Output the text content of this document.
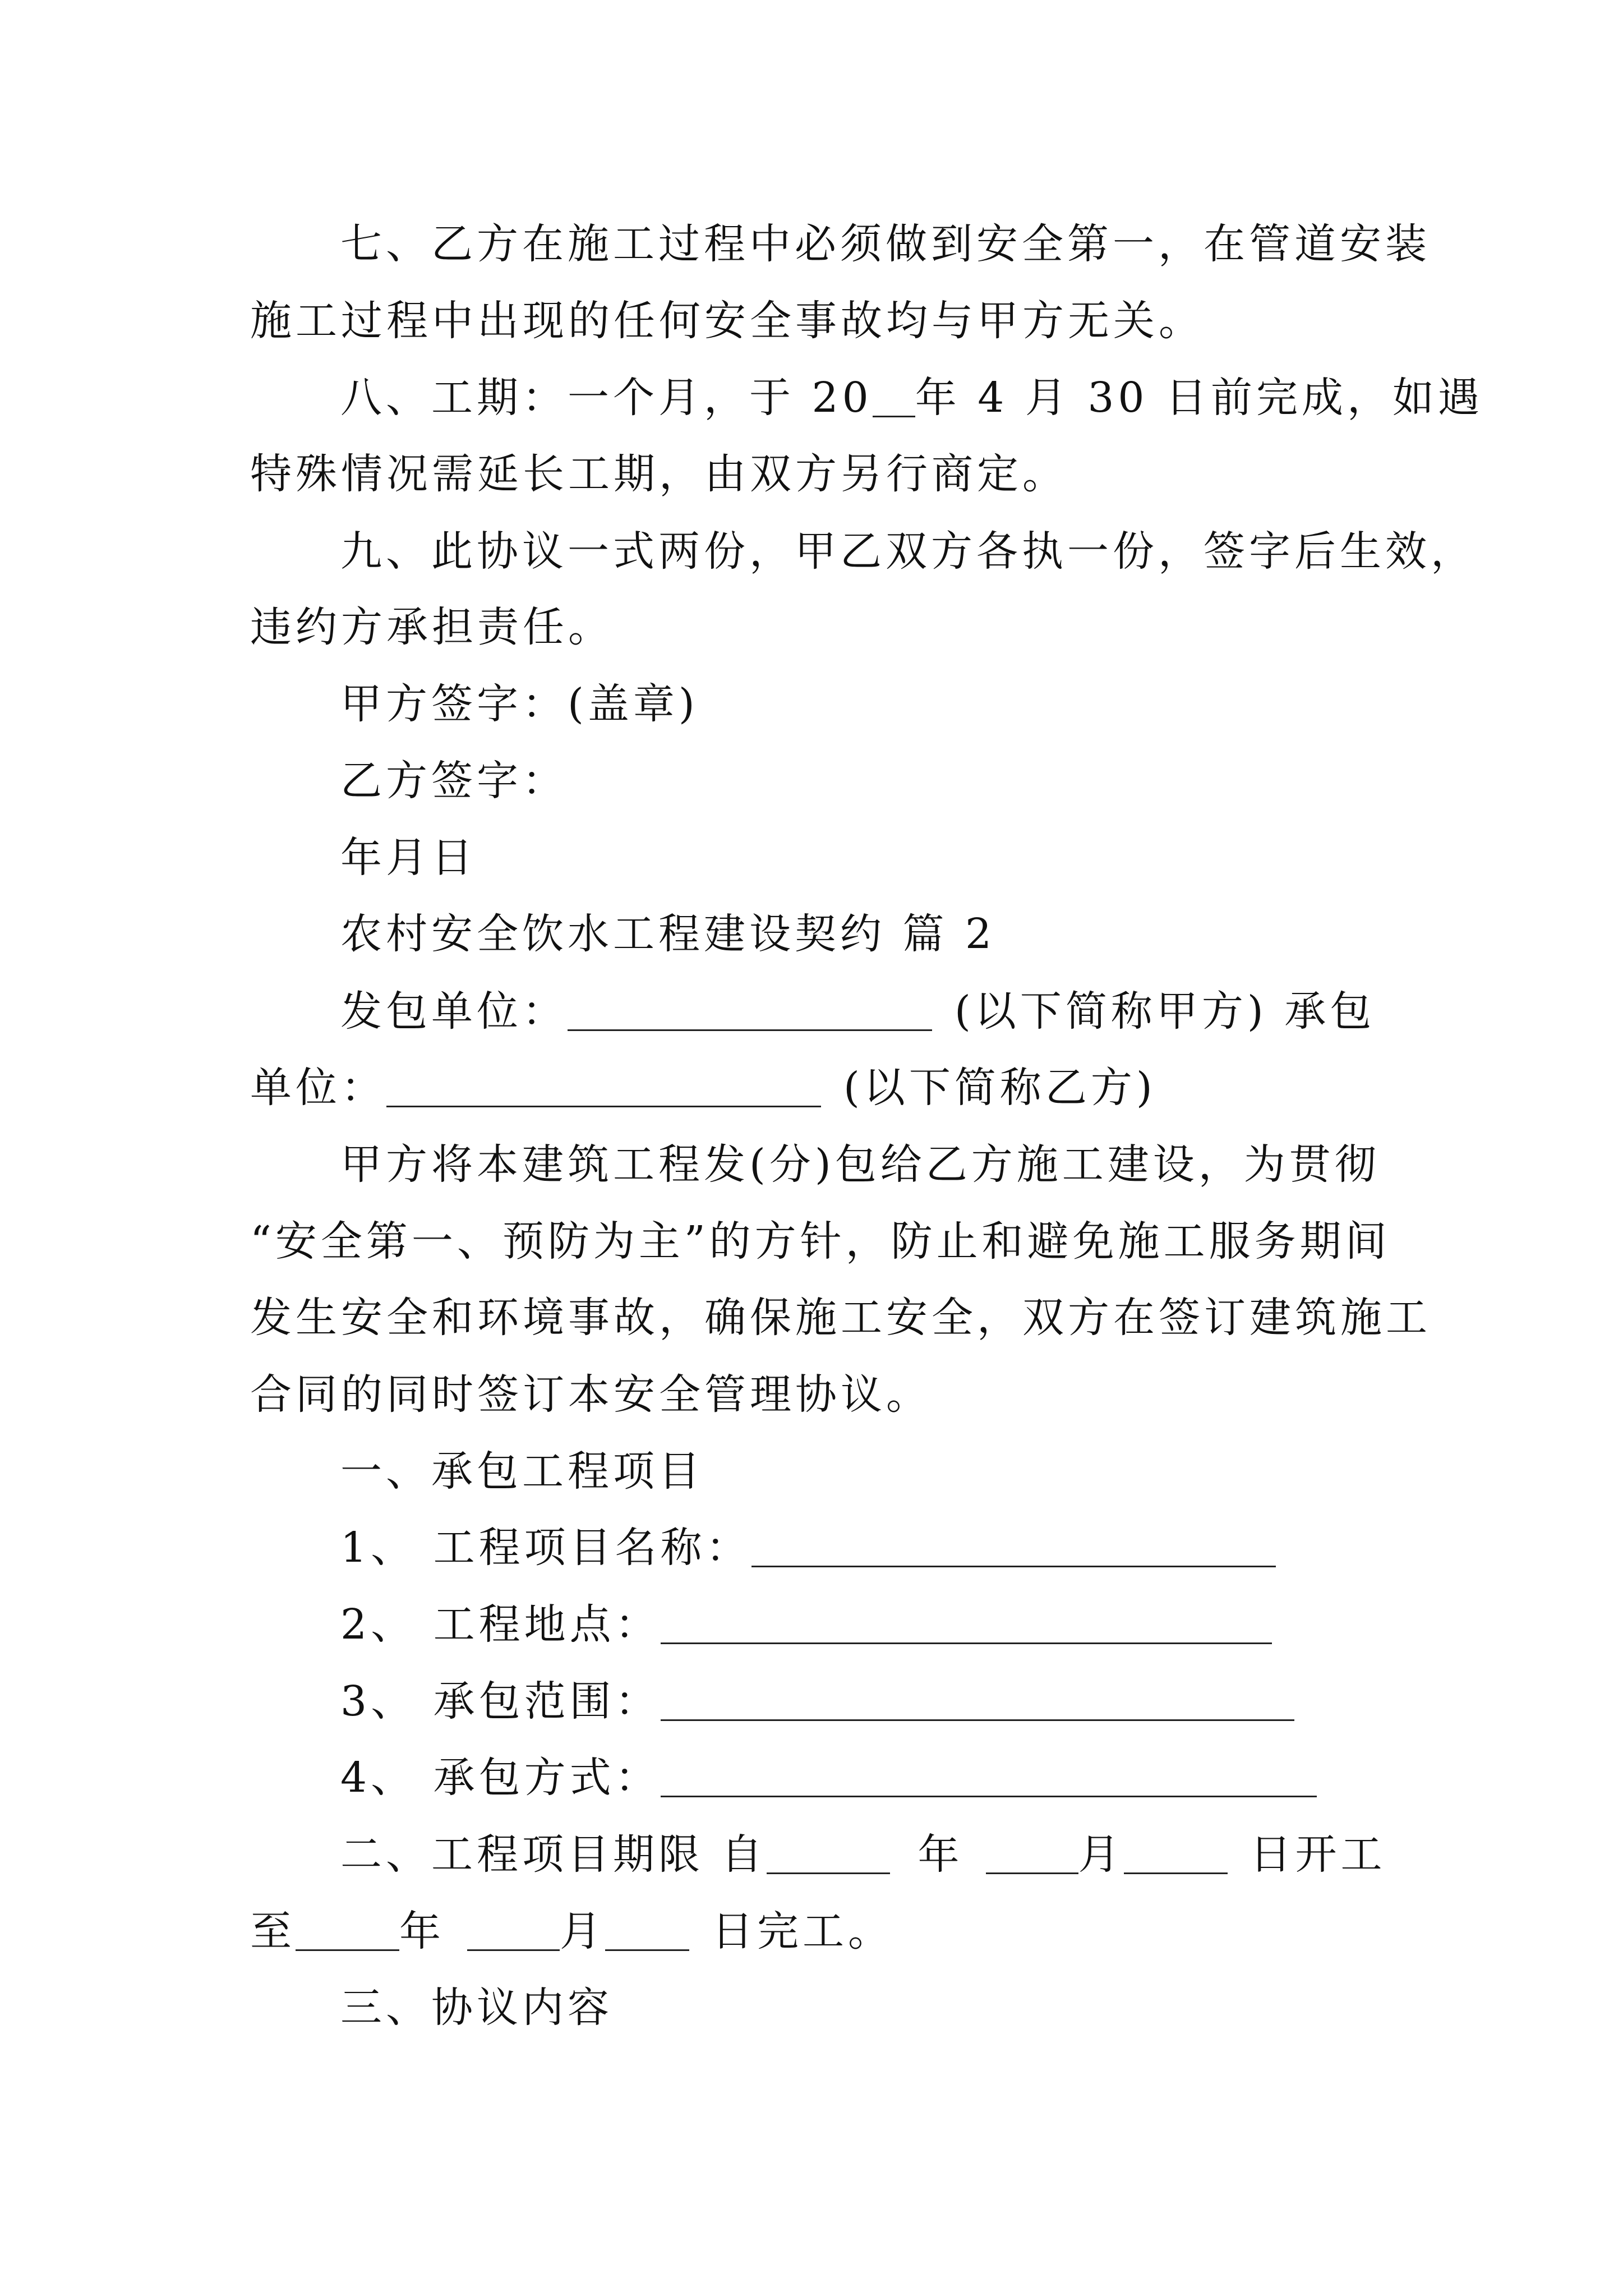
七、乙方在施工过程中必须做到安全第一，在管道安装
施工过程中出现的任何安全事故均与甲方无关。
八、工期：一个月，于 20 年 4 月 30 日前完成，如遇
特殊情况需延长工期，由双方另行商定。
九、此协议一式两份，甲乙双方各执一份，签字后生效，
违约方承担责任。
甲方签字：(盖章)
乙方签字：
年月日
农村安全饮水工程建设契约 篇 2
发包单位：	(以下简称甲方) 承包
单位：	(以下简称乙方)
甲方将本建筑工程发(分)包给乙方施工建设，为贯彻
“安全第一、预防为主”的方针，防止和避免施工服务期间
发生安全和环境事故，确保施工安全，双方在签订建筑施工
合同的同时签订本安全管理协议。
一、承包工程项目
1、 工程项目名称：
2、 工程地点：
3、 承包范围：
4、 承包方式：
二、工程项目期限 自	年	月	日开工
至	年	月	日完工。
三、协议内容
